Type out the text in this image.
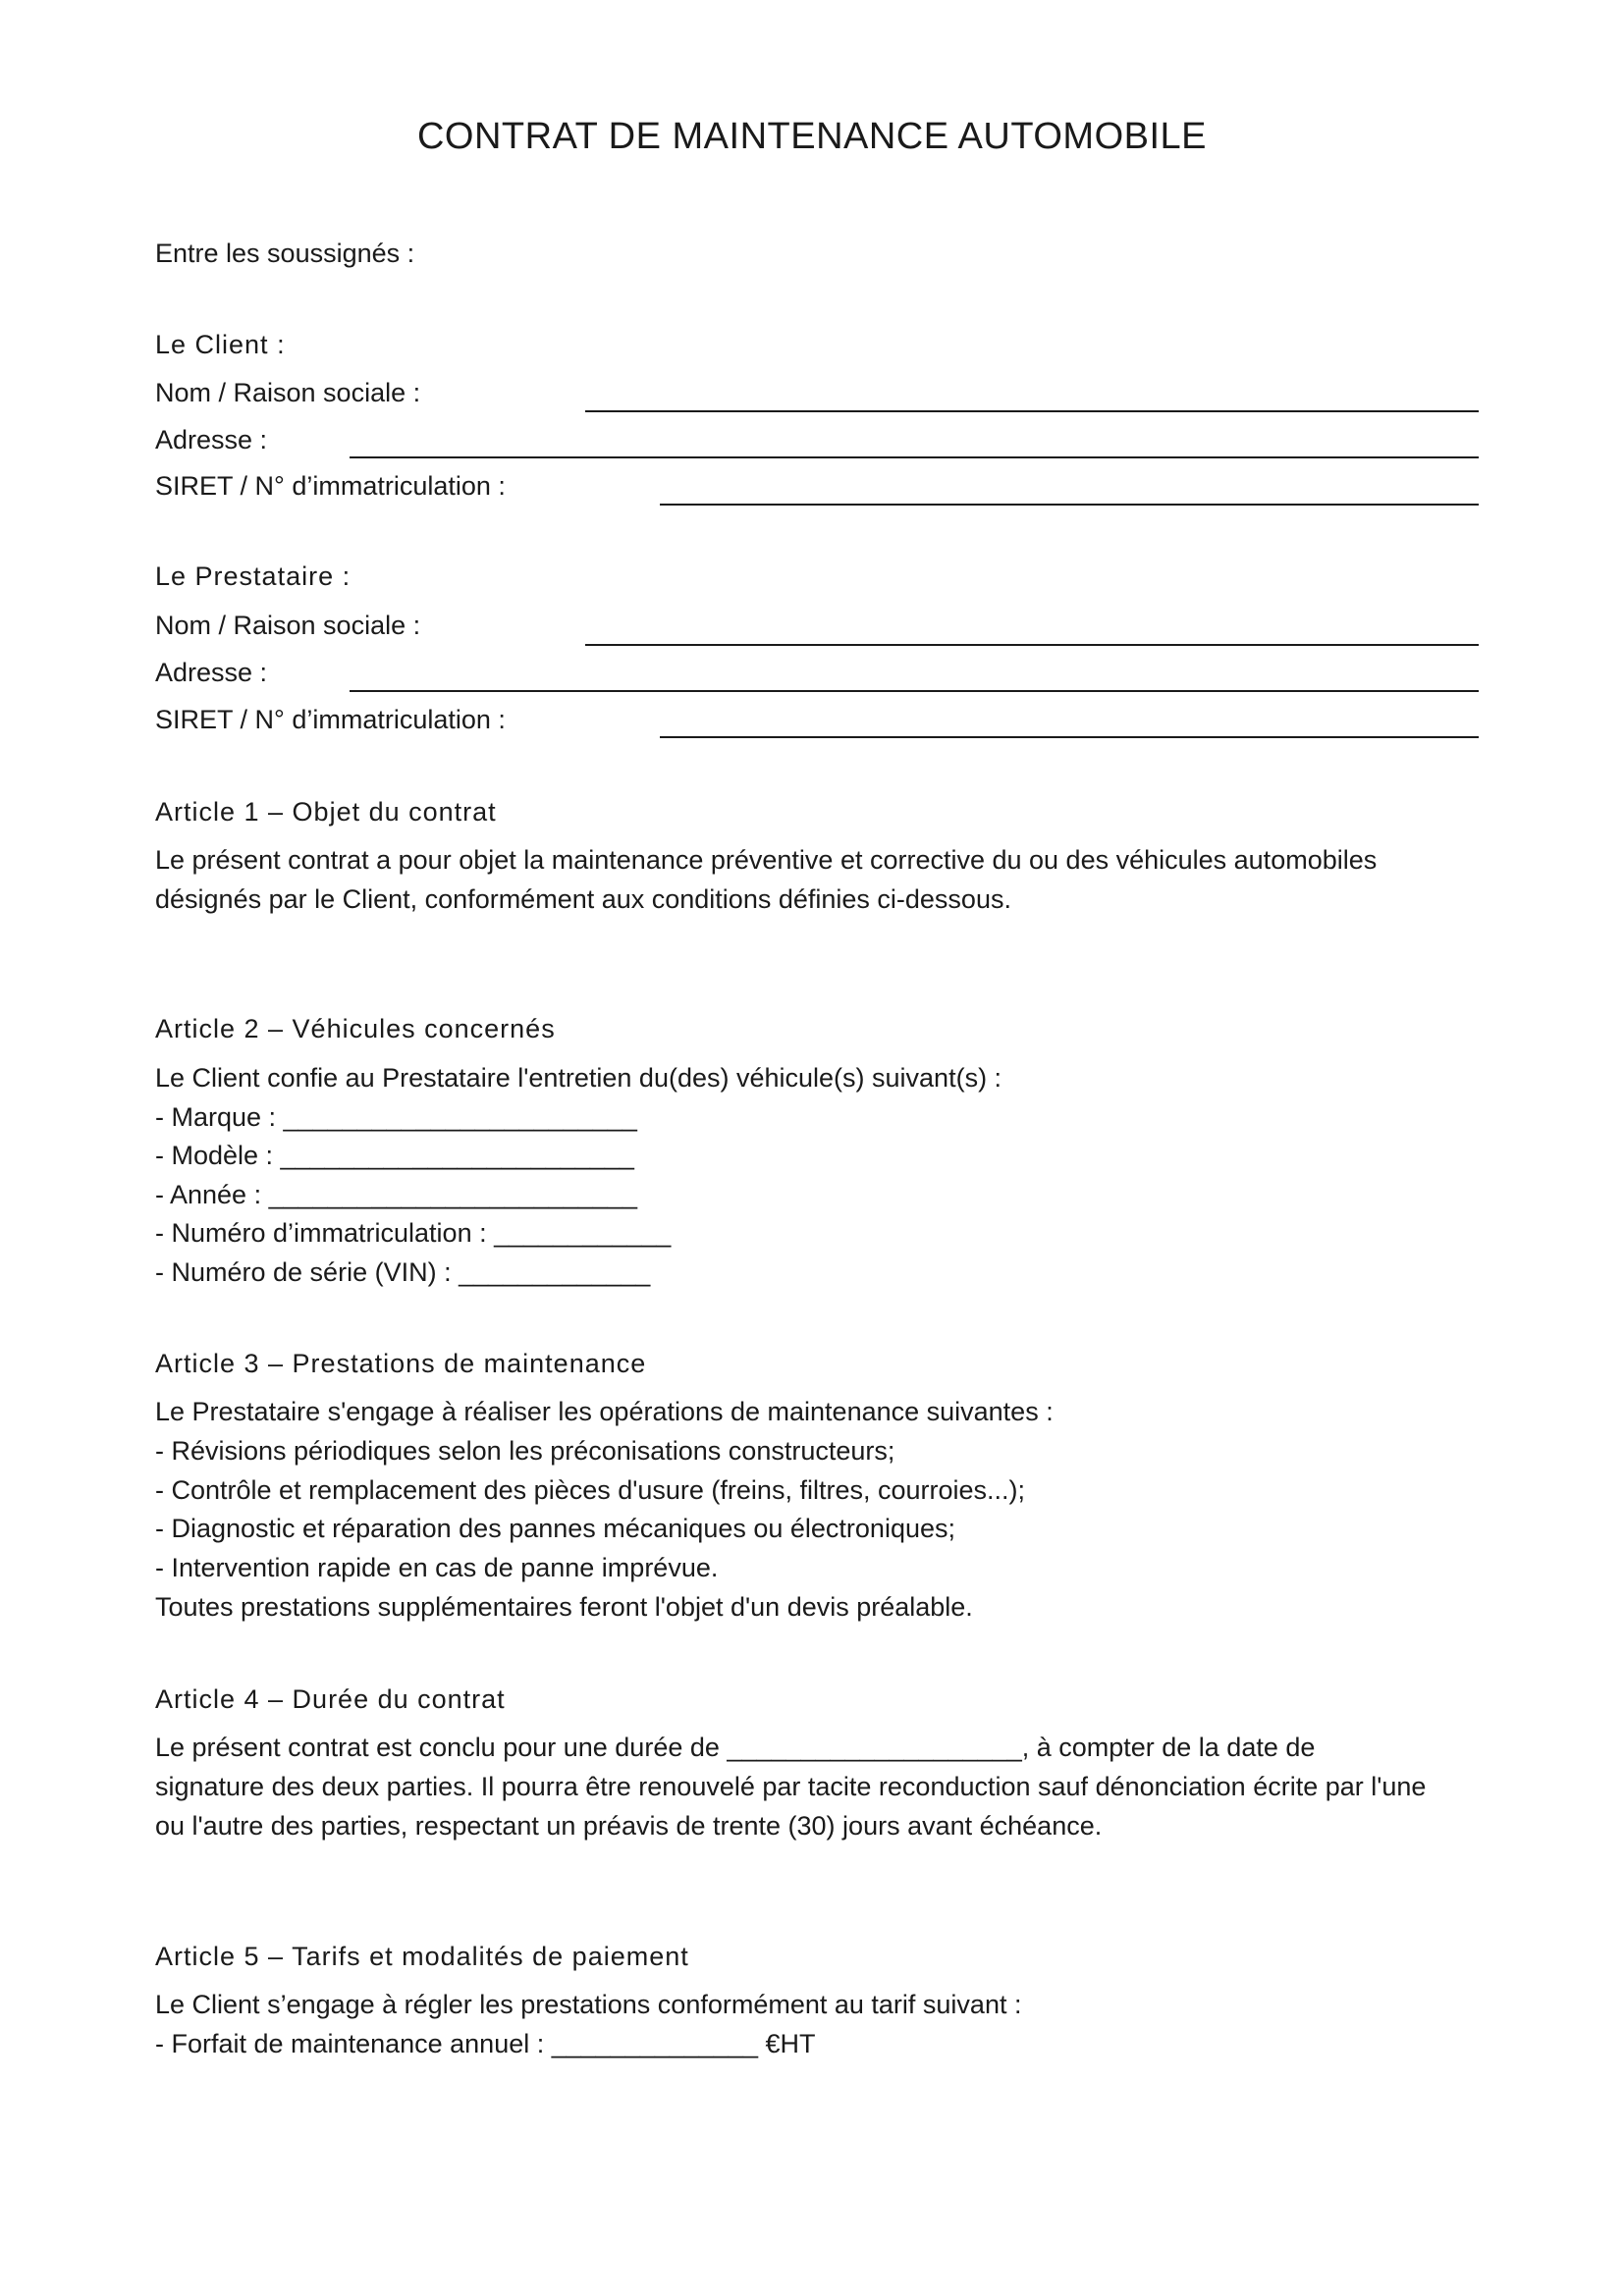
CONTRAT DE MAINTENANCE AUTOMOBILE
Entre les soussignés :
Le Client :
Nom / Raison sociale :
Adresse :
SIRET / N° d’immatriculation :
Le Prestataire :
Nom / Raison sociale :
Adresse :
SIRET / N° d’immatriculation :
Article 1 – Objet du contrat
Le présent contrat a pour objet la maintenance préventive et corrective du ou des véhicules automobiles
désignés par le Client, conformément aux conditions définies ci-dessous.
Article 2 – Véhicules concernés
Le Client confie au Prestataire l'entretien du(des) véhicule(s) suivant(s) :
- Marque : ________________________
- Modèle : ________________________
- Année : _________________________
- Numéro d’immatriculation : ____________
- Numéro de série (VIN) : _____________
Article 3 – Prestations de maintenance
Le Prestataire s'engage à réaliser les opérations de maintenance suivantes :
- Révisions périodiques selon les préconisations constructeurs;
- Contrôle et remplacement des pièces d'usure (freins, filtres, courroies...);
- Diagnostic et réparation des pannes mécaniques ou électroniques;
- Intervention rapide en cas de panne imprévue.
Toutes prestations supplémentaires feront l'objet d'un devis préalable.
Article 4 – Durée du contrat
Le présent contrat est conclu pour une durée de ____________________, à compter de la date de
signature des deux parties. Il pourra être renouvelé par tacite reconduction sauf dénonciation écrite par l'une
ou l'autre des parties, respectant un préavis de trente (30) jours avant échéance.
Article 5 – Tarifs et modalités de paiement
Le Client s’engage à régler les prestations conformément au tarif suivant :
- Forfait de maintenance annuel : ______________ €HT
